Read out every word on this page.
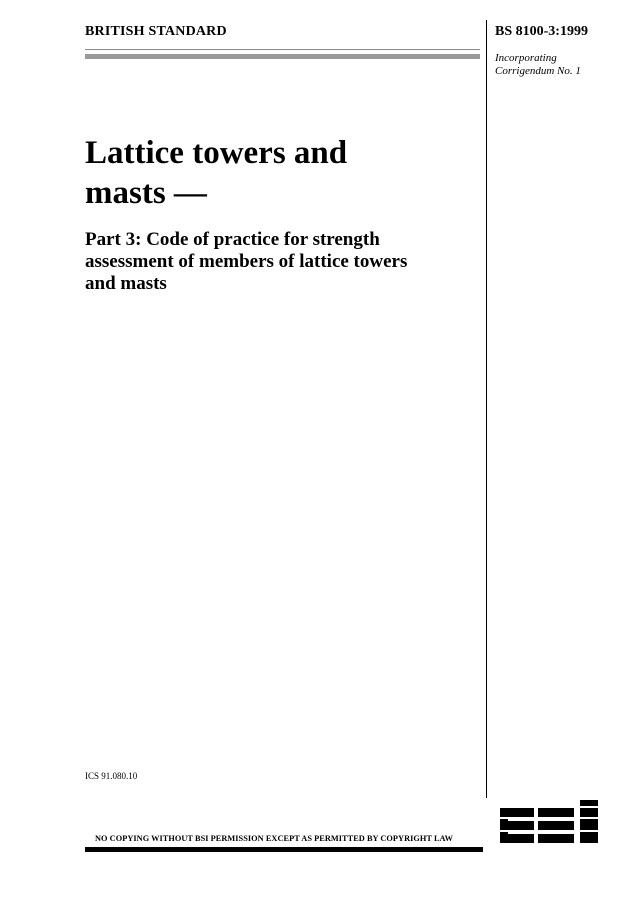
BRITISH STANDARD	BS 8100-3:1999
Incorporating
Corrigendum No. 1
Lattice towers and
masts —
Part 3: Code of practice for strength
assessment of members of lattice towers
and masts
ICS 91.080.10
NO COPYING WITHOUT BSI PERMISSION EXCEPT AS PERMITTED BY COPYRIGHT LAW
